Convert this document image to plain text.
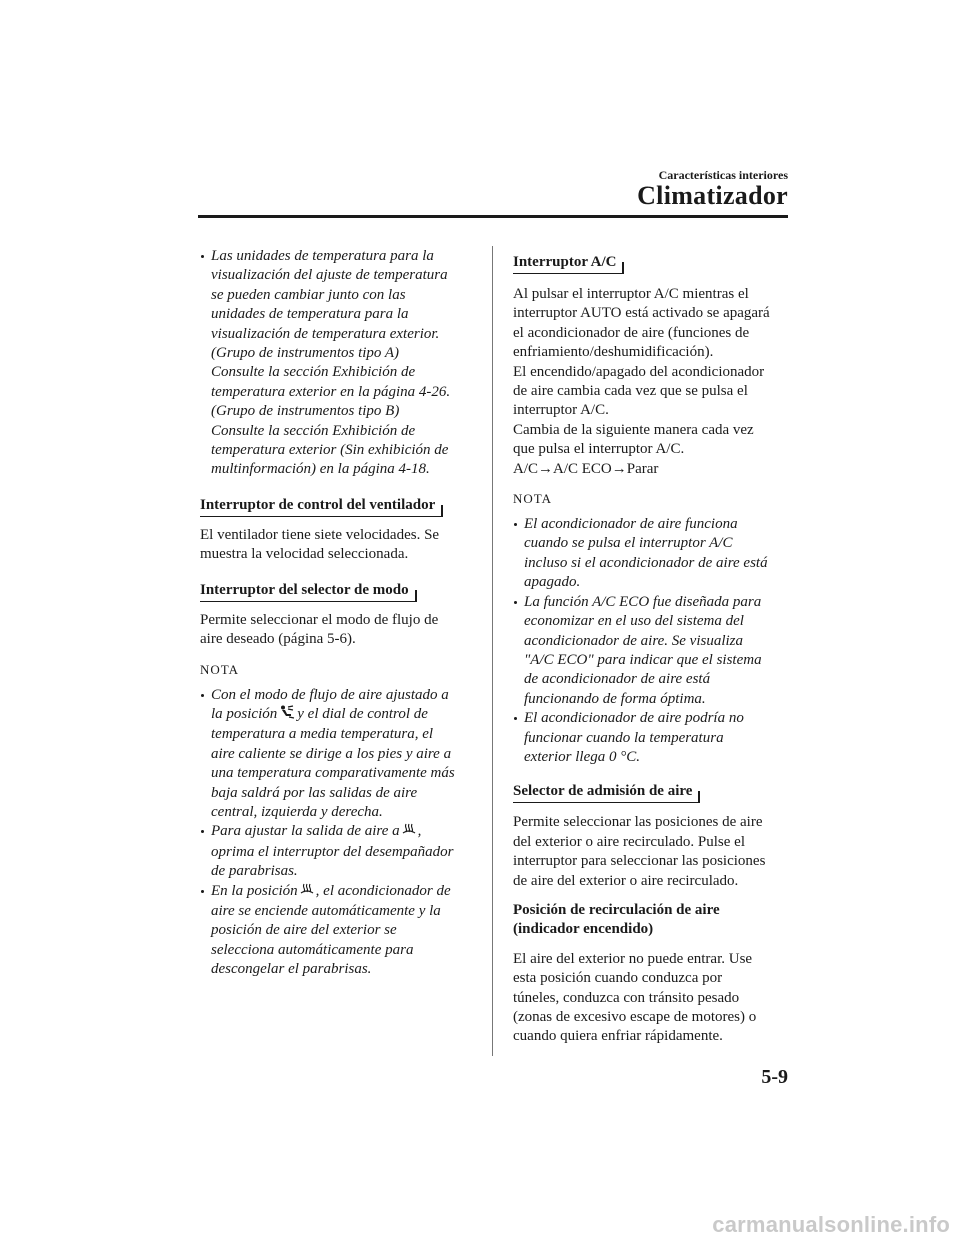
Características interiores
Climatizador
Las unidades de temperatura para la
visualización del ajuste de temperatura
se pueden cambiar junto con las
unidades de temperatura para la
visualización de temperatura exterior.
(Grupo de instrumentos tipo A)
Consulte la sección Exhibición de
temperatura exterior en la página 4-26.
(Grupo de instrumentos tipo B)
Consulte la sección Exhibición de
temperatura exterior (Sin exhibición de
multinformación) en la página 4-18.
Interruptor de control del ventilador

El ventilador tiene siete velocidades. Se

muestra la velocidad seleccionada.

Interruptor del selector de modo

Permite seleccionar el modo de flujo de

aire deseado (página 5-6).

NOTA
Con el modo de flujo de aire ajustado a
la posición y el dial de control de
temperatura a media temperatura, el
aire caliente se dirige a los pies y aire a
una temperatura comparativamente más
baja saldrá por las salidas de aire
central, izquierda y derecha.
Para ajustar la salida de aire a ,
oprima el interruptor del desempañador
de parabrisas.
En la posición , el acondicionador de
aire se enciende automáticamente y la
posición de aire del exterior se
selecciona automáticamente para
descongelar el parabrisas.
Interruptor A/C

Al pulsar el interruptor A/C mientras el

interruptor AUTO está activado se apagará

el acondicionador de aire (funciones de

enfriamiento/deshumidificación).

El encendido/apagado del acondicionador

de aire cambia cada vez que se pulsa el

interruptor A/C.

Cambia de la siguiente manera cada vez

que pulsa el interruptor A/C.

A/C→A/C ECO→Parar

NOTA
El acondicionador de aire funciona
cuando se pulsa el interruptor A/C
incluso si el acondicionador de aire está
apagado.
La función A/C ECO fue diseñada para
economizar en el uso del sistema del
acondicionador de aire. Se visualiza
"A/C ECO" para indicar que el sistema
de acondicionador de aire está
funcionando de forma óptima.
El acondicionador de aire podría no
funcionar cuando la temperatura
exterior llega 0 °C.
Selector de admisión de aire

Permite seleccionar las posiciones de aire

del exterior o aire recirculado. Pulse el

interruptor para seleccionar las posiciones

de aire del exterior o aire recirculado.

Posición de recirculación de aire

(indicador encendido)

El aire del exterior no puede entrar. Use

esta posición cuando conduzca por

túneles, conduzca con tránsito pesado

(zonas de excesivo escape de motores) o

cuando quiera enfriar rápidamente.

5-9
carmanualsonline.info
